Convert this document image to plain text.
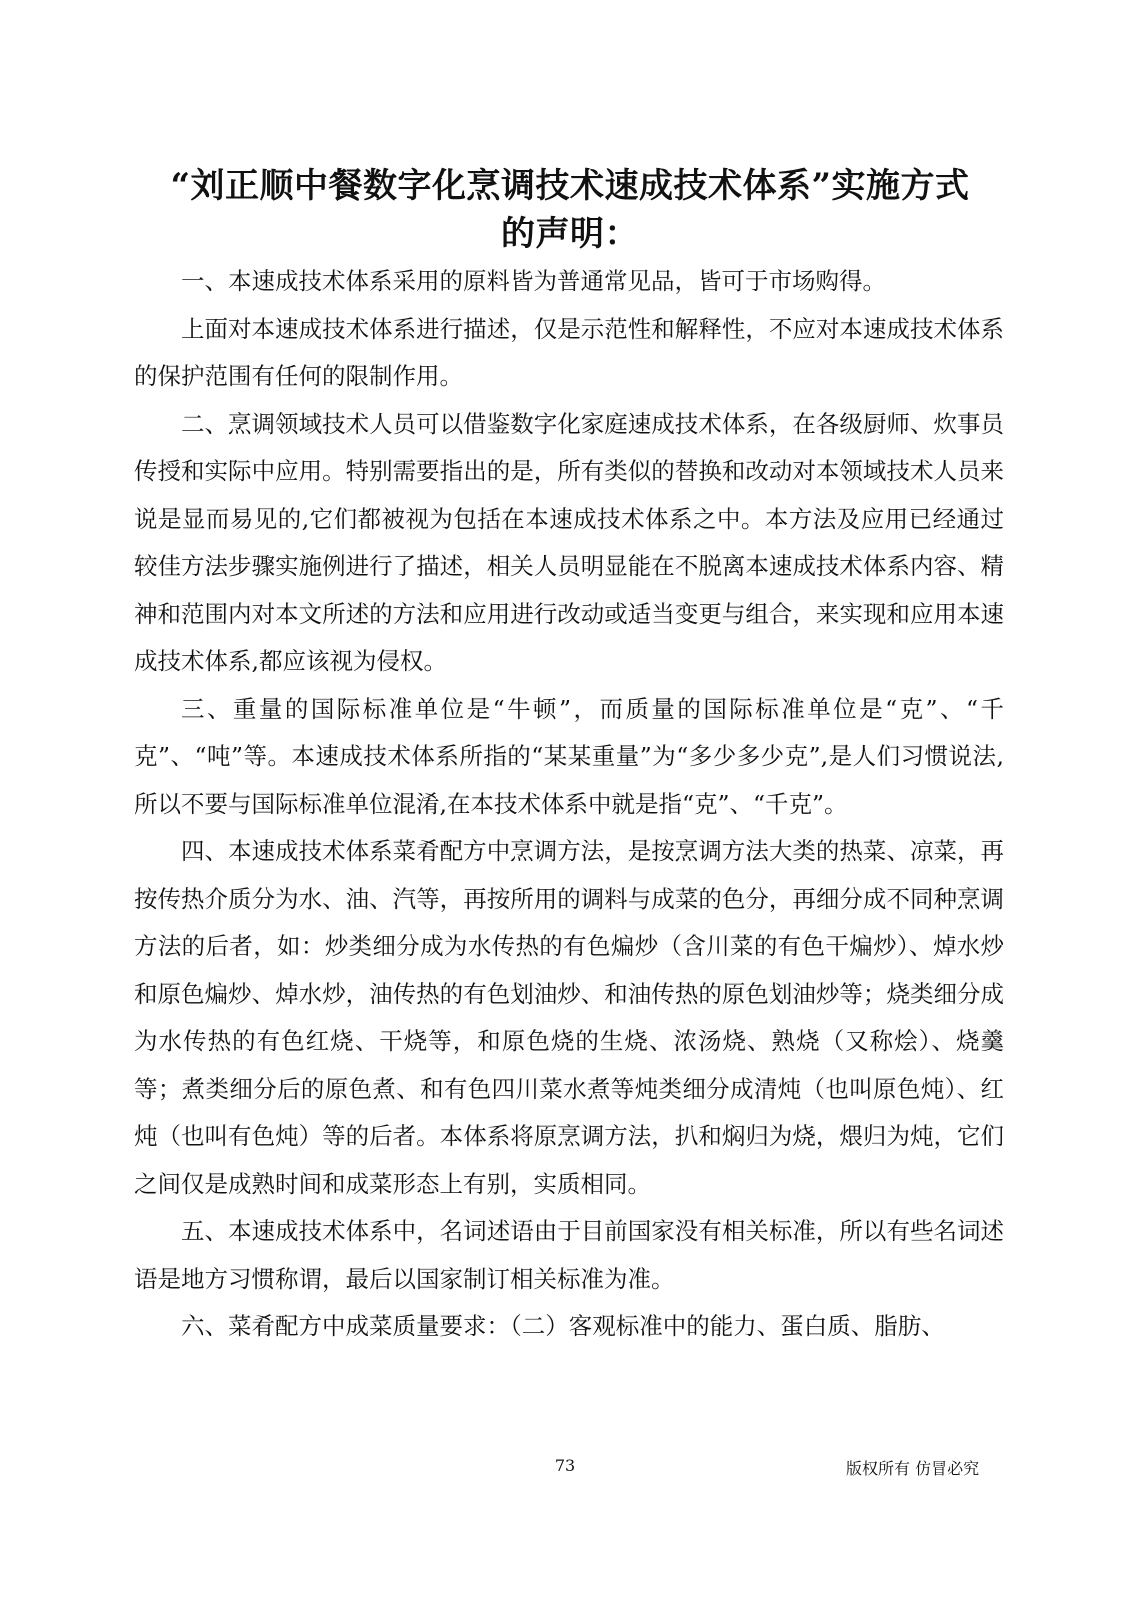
“刘正顺中餐数字化烹调技术速成技术体系”实施方式
的声明：

一、本速成技术体系采用的原料皆为普通常见品，皆可于市场购得。

上面对本速成技术体系进行描述，仅是示范性和解释性，不应对本速成技术体系的保护范围有任何的限制作用。

二、烹调领域技术人员可以借鉴数字化家庭速成技术体系，在各级厨师、炊事员传授和实际中应用。特别需要指出的是，所有类似的替换和改动对本领域技术人员来说是显而易见的,它们都被视为包括在本速成技术体系之中。本方法及应用已经通过较佳方法步骤实施例进行了描述，相关人员明显能在不脱离本速成技术体系内容、精神和范围内对本文所述的方法和应用进行改动或适当变更与组合，来实现和应用本速成技术体系,都应该视为侵权。

三、重量的国际标准单位是“牛顿”，而质量的国际标准单位是“克”、“千克”、“吨”等。本速成技术体系所指的“某某重量”为“多少多少克”,是人们习惯说法,所以不要与国际标准单位混淆,在本技术体系中就是指“克”、“千克”。

四、本速成技术体系菜肴配方中烹调方法，是按烹调方法大类的热菜、凉菜，再按传热介质分为水、油、汽等，再按所用的调料与成菜的色分，再细分成不同种烹调方法的后者，如：炒类细分成为水传热的有色煸炒（含川菜的有色干煸炒）、焯水炒和原色煸炒、焯水炒，油传热的有色划油炒、和油传热的原色划油炒等；烧类细分成为水传热的有色红烧、干烧等，和原色烧的生烧、浓汤烧、熟烧（又称烩）、烧羹等；煮类细分后的原色煮、和有色四川菜水煮等炖类细分成清炖（也叫原色炖）、红炖（也叫有色炖）等的后者。本体系将原烹调方法，扒和焖归为烧，煨归为炖，它们之间仅是成熟时间和成菜形态上有别，实质相同。

五、本速成技术体系中，名词述语由于目前国家没有相关标准，所以有些名词述语是地方习惯称谓，最后以国家制订相关标准为准。

六、菜肴配方中成菜质量要求：（二）客观标准中的能力、蛋白质、脂肪、

73	版权所有 仿冒必究
